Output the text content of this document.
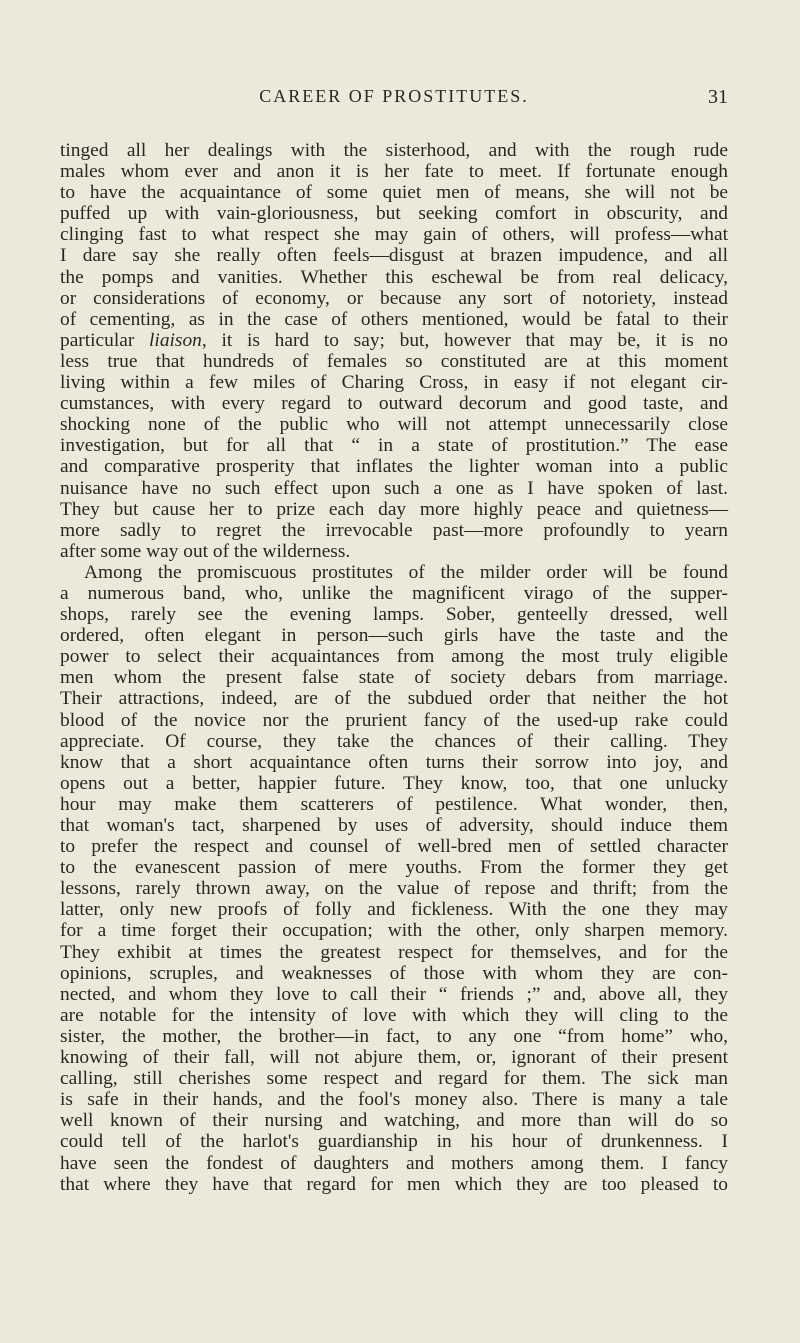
CAREER OF PROSTITUTES.	31
tinged all her dealings with the sisterhood, and with the rough rude
males whom ever and anon it is her fate to meet. If fortunate enough
to have the acquaintance of some quiet men of means, she will not be
puffed up with vain-gloriousness, but seeking comfort in obscurity, and
clinging fast to what respect she may gain of others, will profess—what
I dare say she really often feels—disgust at brazen impudence, and all
the pomps and vanities. Whether this eschewal be from real delicacy,
or considerations of economy, or because any sort of notoriety, instead
of cementing, as in the case of others mentioned, would be fatal to their
particular liaison, it is hard to say; but, however that may be, it is no
less true that hundreds of females so constituted are at this moment
living within a few miles of Charing Cross, in easy if not elegant cir-
cumstances, with every regard to outward decorum and good taste, and
shocking none of the public who will not attempt unnecessarily close
investigation, but for all that “ in a state of prostitution.” The ease
and comparative prosperity that inflates the lighter woman into a public
nuisance have no such effect upon such a one as I have spoken of last.
They but cause her to prize each day more highly peace and quietness—
more sadly to regret the irrevocable past—more profoundly to yearn
after some way out of the wilderness.
Among the promiscuous prostitutes of the milder order will be found
a numerous band, who, unlike the magnificent virago of the supper-
shops, rarely see the evening lamps. Sober, genteelly dressed, well
ordered, often elegant in person—such girls have the taste and the
power to select their acquaintances from among the most truly eligible
men whom the present false state of society debars from marriage.
Their attractions, indeed, are of the subdued order that neither the hot
blood of the novice nor the prurient fancy of the used-up rake could
appreciate. Of course, they take the chances of their calling. They
know that a short acquaintance often turns their sorrow into joy, and
opens out a better, happier future. They know, too, that one unlucky
hour may make them scatterers of pestilence. What wonder, then,
that woman's tact, sharpened by uses of adversity, should induce them
to prefer the respect and counsel of well-bred men of settled character
to the evanescent passion of mere youths. From the former they get
lessons, rarely thrown away, on the value of repose and thrift; from the
latter, only new proofs of folly and fickleness. With the one they may
for a time forget their occupation; with the other, only sharpen memory.
They exhibit at times the greatest respect for themselves, and for the
opinions, scruples, and weaknesses of those with whom they are con-
nected, and whom they love to call their “ friends ;” and, above all, they
are notable for the intensity of love with which they will cling to the
sister, the mother, the brother—in fact, to any one “from home” who,
knowing of their fall, will not abjure them, or, ignorant of their present
calling, still cherishes some respect and regard for them. The sick man
is safe in their hands, and the fool's money also. There is many a tale
well known of their nursing and watching, and more than will do so
could tell of the harlot's guardianship in his hour of drunkenness. I
have seen the fondest of daughters and mothers among them. I fancy
that where they have that regard for men which they are too pleased to
